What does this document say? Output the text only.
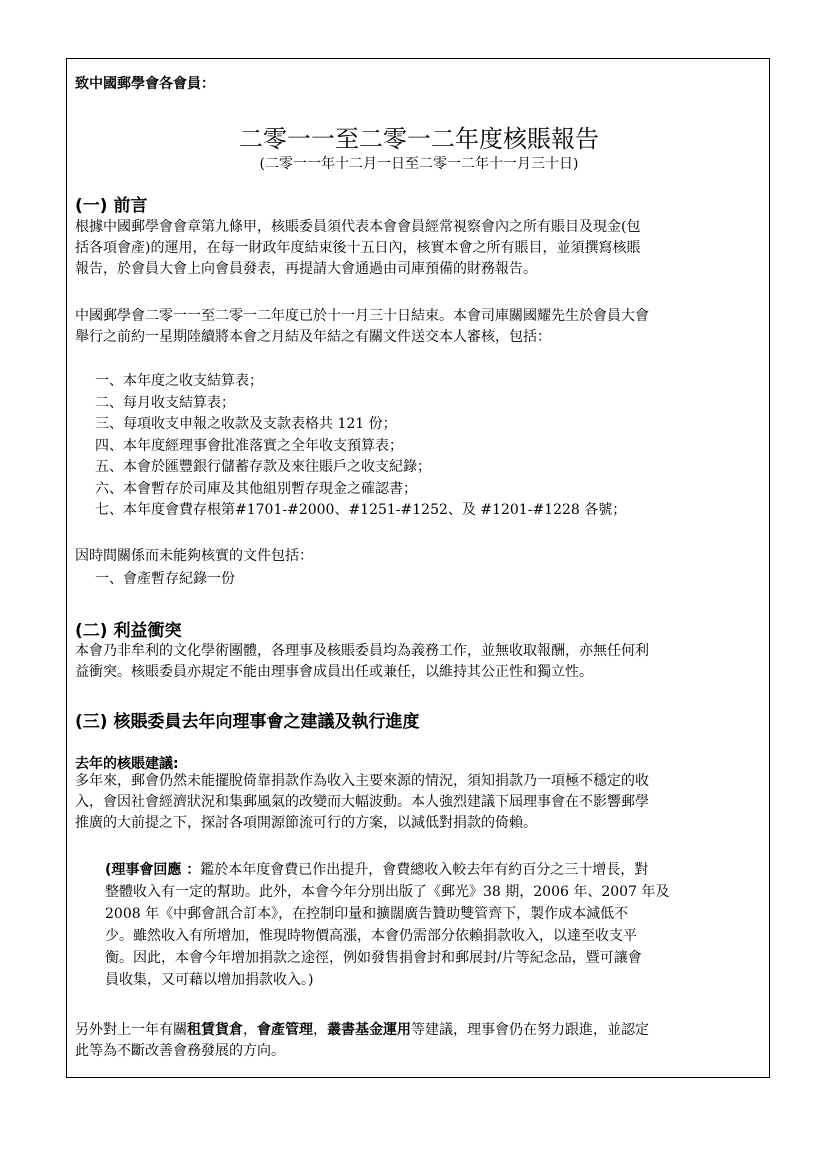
致中國郵學會各會員：
二零一一至二零一二年度核賬報告
(二零一一年十二月一日至二零一二年十一月三十日)
(一) 前言
根據中國郵學會會章第九條甲，核賬委員須代表本會會員經常視察會內之所有賬目及現金(包
括各項會產)的運用，在每一財政年度結束後十五日內，核實本會之所有賬目，並須撰寫核賬
報告，於會員大會上向會員發表，再提請大會通過由司庫預備的財務報告。
中國郵學會二零一一至二零一二年度已於十一月三十日結束。本會司庫關國耀先生於會員大會
舉行之前約一星期陸續將本會之月結及年結之有關文件送交本人審核，包括：
一、本年度之收支結算表；
二、每月收支結算表；
三、每項收支申報之收款及支款表格共 121 份；
四、本年度經理事會批准落實之全年收支預算表；
五、本會於匯豐銀行儲蓄存款及來往賬戶之收支紀錄；
六、本會暫存於司庫及其他組別暫存現金之確認書；
七、本年度會費存根第#1701-#2000、#1251-#1252、及 #1201-#1228 各號；
因時間關係而未能夠核實的文件包括：
一、會產暫存紀錄一份
(二) 利益衝突
本會乃非牟利的文化學術團體，各理事及核賬委員均為義務工作，並無收取報酬，亦無任何利
益衝突。核賬委員亦規定不能由理事會成員出任或兼任，以維持其公正性和獨立性。
(三) 核賬委員去年向理事會之建議及執行進度
去年的核賬建議:
多年來，郵會仍然未能擺脫倚靠捐款作為收入主要來源的情況，須知捐款乃一項極不穩定的收
入，會因社會經濟狀況和集郵風氣的改變而大幅波動。本人強烈建議下屆理事會在不影響郵學
推廣的大前提之下，探討各項開源節流可行的方案，以減低對捐款的倚賴。
(理事會回應 ：鑑於本年度會費已作出提升，會費總收入較去年有約百分之三十增長，對
整體收入有一定的幫助。此外，本會今年分別出版了《郵光》38 期，2006 年、2007 年及
2008 年《中郵會訊合訂本》，在控制印量和擴闊廣告贊助雙管齊下，製作成本減低不
少。雖然收入有所增加，惟現時物價高漲，本會仍需部分依賴捐款收入，以達至收支平
衡。因此，本會今年增加捐款之途徑，例如發售捐會封和郵展封/片等紀念品，暨可讓會
員收集，又可藉以增加捐款收入。)
另外對上一年有關租賃貨倉，會產管理，叢書基金運用等建議，理事會仍在努力跟進，並認定
此等為不斷改善會務發展的方向。
